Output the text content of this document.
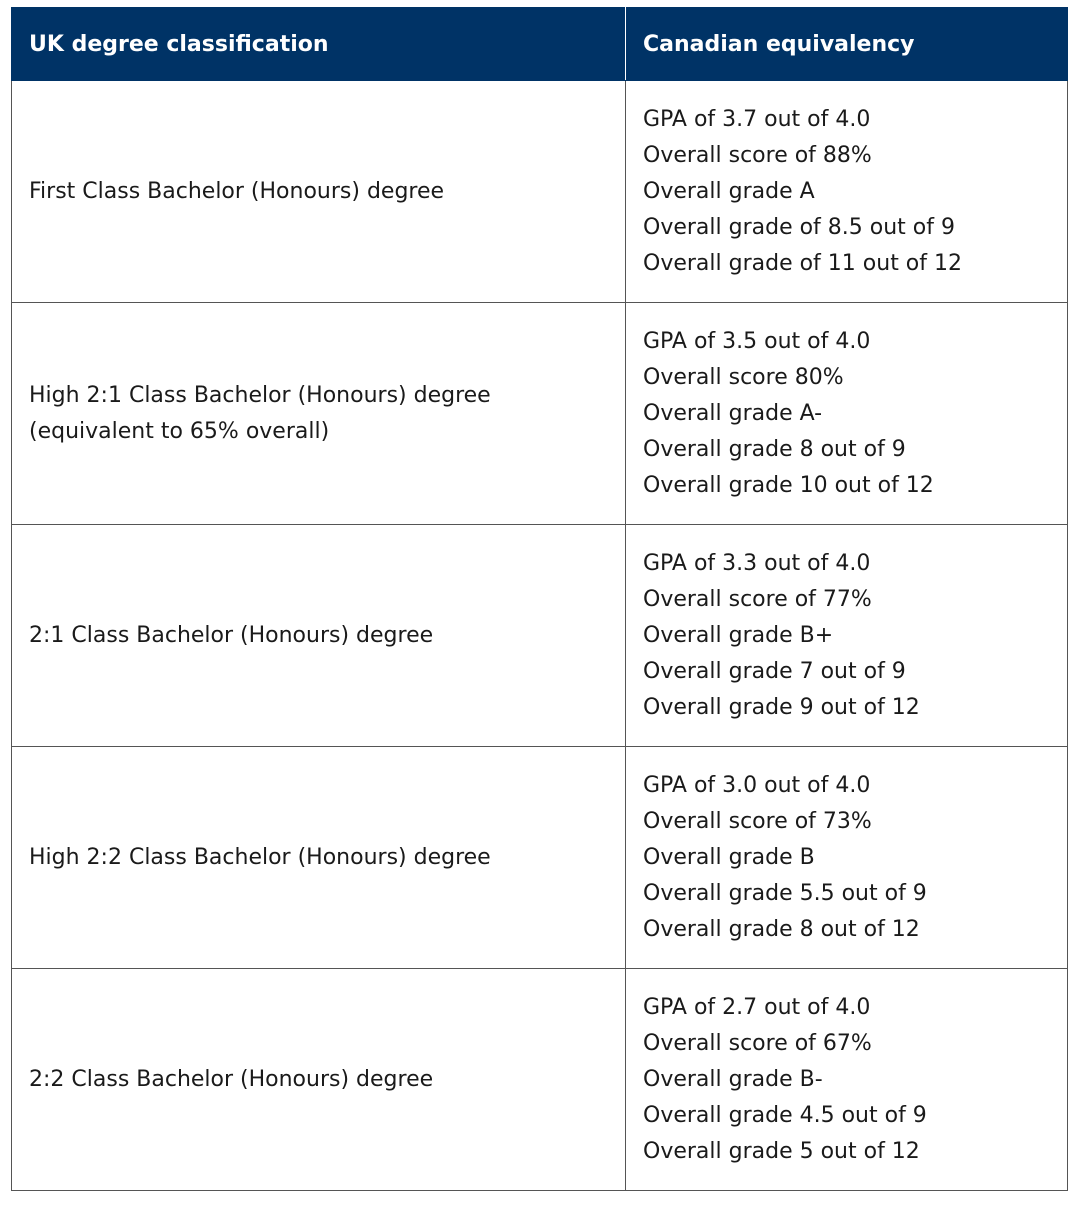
UK degree classification	Canadian equivalency

First Class Bachelor (Honours) degree	GPA of 3.7 out of 4.0
Overall score of 88%
Overall grade A
Overall grade of 8.5 out of 9
Overall grade of 11 out of 12

High 2:1 Class Bachelor (Honours) degree
(equivalent to 65% overall)	GPA of 3.5 out of 4.0
Overall score 80%
Overall grade A-
Overall grade 8 out of 9
Overall grade 10 out of 12

2:1 Class Bachelor (Honours) degree	GPA of 3.3 out of 4.0
Overall score of 77%
Overall grade B+
Overall grade 7 out of 9
Overall grade 9 out of 12

High 2:2 Class Bachelor (Honours) degree	GPA of 3.0 out of 4.0
Overall score of 73%
Overall grade B
Overall grade 5.5 out of 9
Overall grade 8 out of 12

2:2 Class Bachelor (Honours) degree	GPA of 2.7 out of 4.0
Overall score of 67%
Overall grade B-
Overall grade 4.5 out of 9
Overall grade 5 out of 12
